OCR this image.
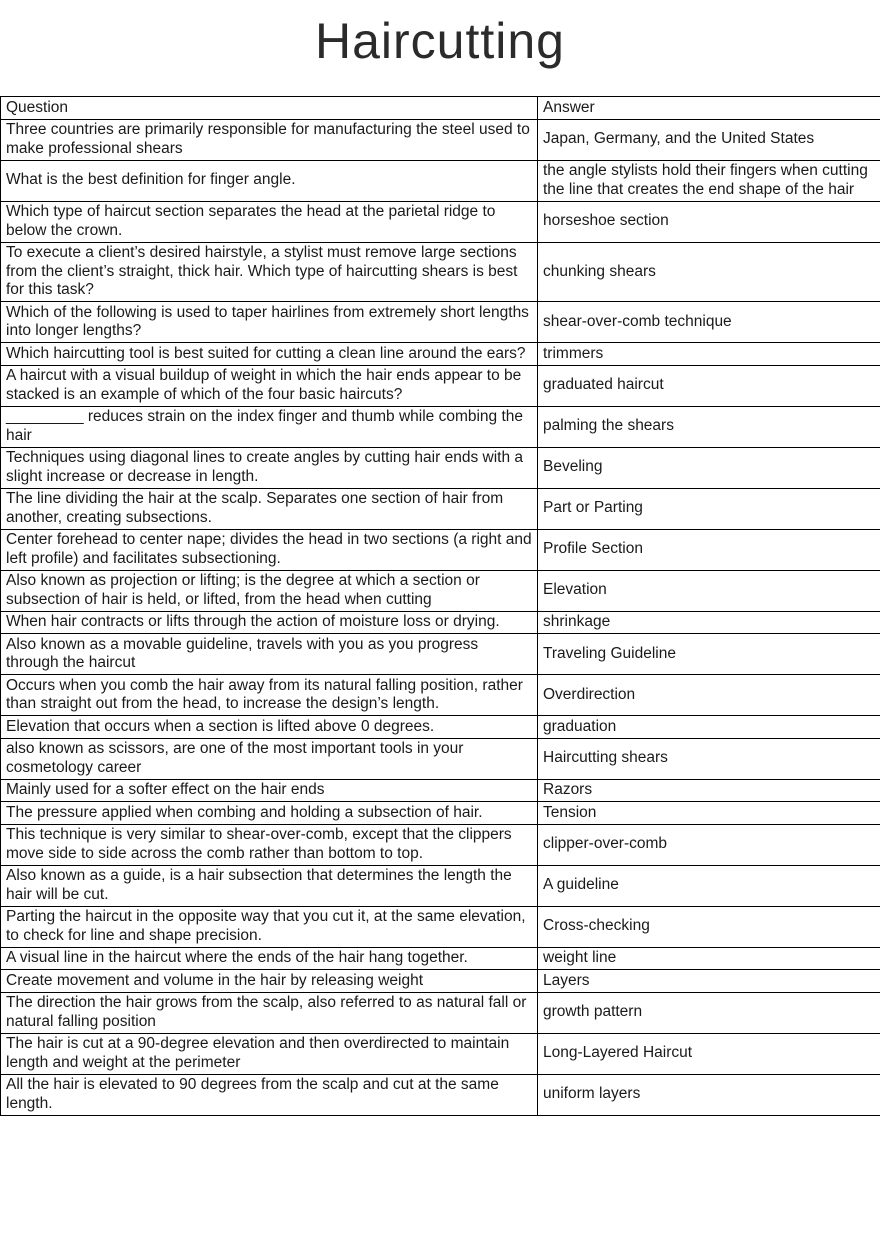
Haircutting
Question	Answer
Three countries are primarily responsible for manufacturing the steel used to make professional shears	Japan, Germany, and the United States
What is the best definition for finger angle.	the angle stylists hold their fingers when cutting the line that creates the end shape of the hair
Which type of haircut section separates the head at the parietal ridge to below the crown.	horseshoe section
To execute a client’s desired hairstyle, a stylist must remove large sections from the client’s straight, thick hair. Which type of haircutting shears is best for this task?	chunking shears
Which of the following is used to taper hairlines from extremely short lengths into longer lengths?	shear-over-comb technique
Which haircutting tool is best suited for cutting a clean line around the ears?	trimmers
A haircut with a visual buildup of weight in which the hair ends appear to be stacked is an example of which of the four basic haircuts?	graduated haircut
_________ reduces strain on the index finger and thumb while combing the hair	palming the shears
Techniques using diagonal lines to create angles by cutting hair ends with a slight increase or decrease in length.	Beveling
The line dividing the hair at the scalp. Separates one section of hair from another, creating subsections.	Part or Parting
Center forehead to center nape; divides the head in two sections (a right and left profile) and facilitates subsectioning.	Profile Section
Also known as projection or lifting; is the degree at which a section or subsection of hair is held, or lifted, from the head when cutting	Elevation
When hair contracts or lifts through the action of moisture loss or drying.	shrinkage
Also known as a movable guideline, travels with you as you progress through the haircut	Traveling Guideline
Occurs when you comb the hair away from its natural falling position, rather than straight out from the head, to increase the design’s length.	Overdirection
Elevation that occurs when a section is lifted above 0 degrees.	graduation
also known as scissors, are one of the most important tools in your cosmetology career	Haircutting shears
Mainly used for a softer effect on the hair ends	Razors
The pressure applied when combing and holding a subsection of hair.	Tension
This technique is very similar to shear-over-comb, except that the clippers move side to side across the comb rather than bottom to top.	clipper-over-comb
Also known as a guide, is a hair subsection that determines the length the hair will be cut.	A guideline
Parting the haircut in the opposite way that you cut it, at the same elevation, to check for line and shape precision.	Cross-checking
A visual line in the haircut where the ends of the hair hang together.	weight line
Create movement and volume in the hair by releasing weight	Layers
The direction the hair grows from the scalp, also referred to as natural fall or natural falling position	growth pattern
The hair is cut at a 90-degree elevation and then overdirected to maintain length and weight at the perimeter	Long-Layered Haircut
All the hair is elevated to 90 degrees from the scalp and cut at the same length.	uniform layers
